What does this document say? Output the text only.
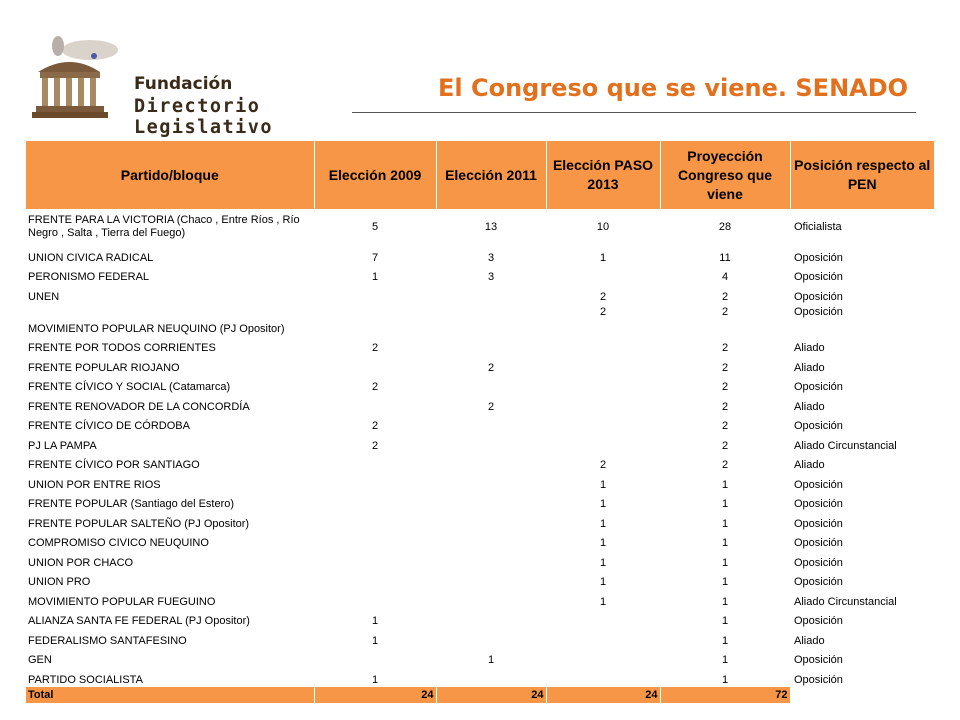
Fundación
Directorio Legislativo
El Congreso que se viene. SENADO
Partido/bloque	Elección 2009	Elección 2011	Elección PASO 2013	Proyección Congreso que viene	Posición respecto al PEN
FRENTE PARA LA VICTORIA (Chaco , Entre Ríos , Río Negro , Salta , Tierra del Fuego)	5	13	10	28	Oficialista
UNION CIVICA RADICAL	7	3	1	11	Oposición
PERONISMO FEDERAL	1	3		4	Oposición
UNEN			2	2	Oposición
MOVIMIENTO POPULAR NEUQUINO (PJ Opositor)			2	2	Oposición
FRENTE POR TODOS CORRIENTES	2			2	Aliado
FRENTE POPULAR RIOJANO		2		2	Aliado
FRENTE CÍVICO Y SOCIAL (Catamarca)	2			2	Oposición
FRENTE RENOVADOR DE LA CONCORDÍA		2		2	Aliado
FRENTE CÍVICO DE CÓRDOBA	2			2	Oposición
PJ LA PAMPA	2			2	Aliado Circunstancial
FRENTE CÍVICO POR SANTIAGO			2	2	Aliado
UNION POR ENTRE RIOS			1	1	Oposición
FRENTE POPULAR (Santiago del Estero)			1	1	Oposición
FRENTE POPULAR SALTEÑO (PJ Opositor)			1	1	Oposición
COMPROMISO CIVICO NEUQUINO			1	1	Oposición
UNION POR CHACO			1	1	Oposición
UNION PRO			1	1	Oposición
MOVIMIENTO POPULAR FUEGUINO			1	1	Aliado Circunstancial
ALIANZA SANTA FE FEDERAL (PJ Opositor)	1			1	Oposición
FEDERALISMO SANTAFESINO	1			1	Aliado
GEN		1		1	Oposición
PARTIDO SOCIALISTA	1			1	Oposición
Total	24	24	24	72	
